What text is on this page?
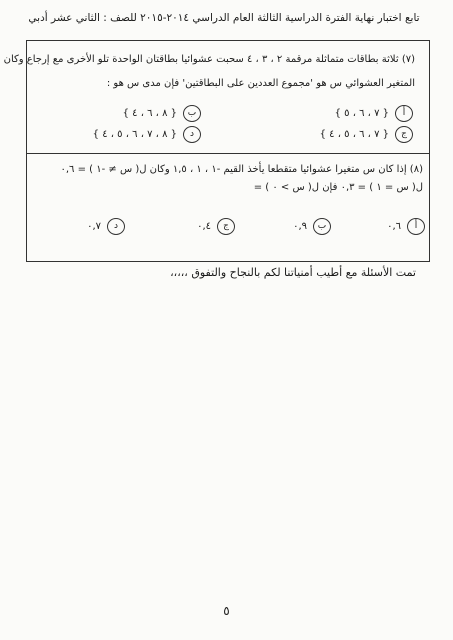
تابع اختبار نهاية الفترة الدراسية الثالثة العام الدراسي ٢٠١٤-٢٠١٥ للصف : الثاني عشر أدبي
(٧) ثلاثة بطاقات متماثلة مرقمة ٢ ، ٣ ، ٤ سحبت عشوائيا بطاقتان الواحدة تلو الأخرى مع إرجاع وكان
المتغير العشوائي س هو 'مجموع العددين على البطاقتين' فإن مدى س هو :
أ
{ ٧ ، ٦ ، ٥ }
ب
{ ٨ ، ٦ ، ٤ }
ج
{ ٧ ، ٦ ، ٥ ، ٤ }
د
{ ٨ ، ٧ ، ٦ ، ٥ ، ٤ }
(٨) إذا كان س متغيرا عشوائيا متقطعا يأخذ القيم -١ ، ١ ، ١,٥ وكان ل( س ≠ -١ ) = ٠,٦
ل( س = ١ ) = ٠,٣ فإن ل( س > ٠ ) =
أ
٠,٦
ب
٠,٩
ج
٠,٤
د
٠,٧
تمت الأسئلة مع أطيب أمنياتنا لكم بالنجاح والتفوق ،،،،،
٥
